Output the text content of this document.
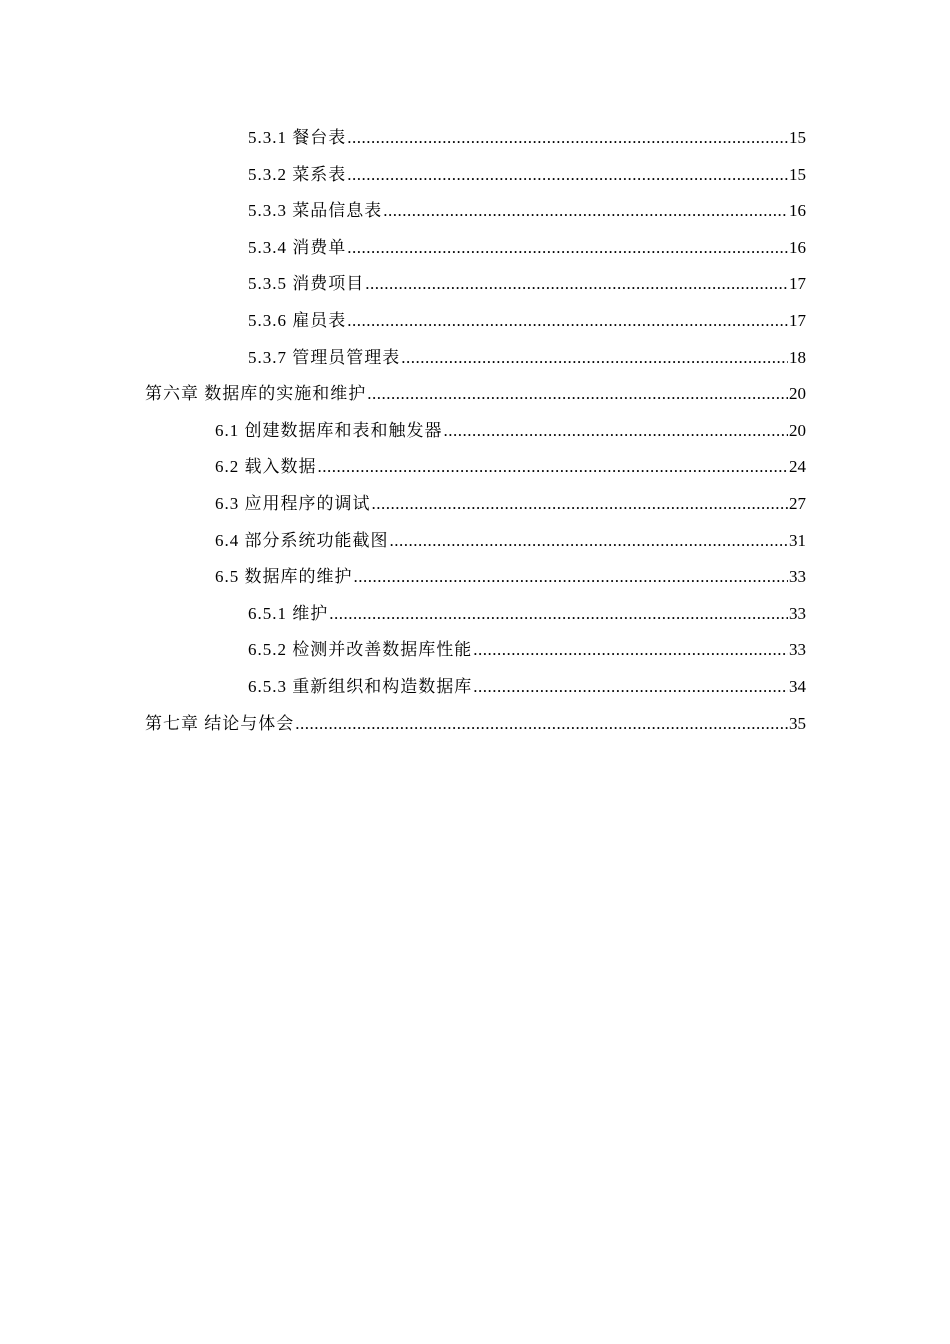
5.3.1 餐台表 .....	15
5.3.2 菜系表 .....	15
5.3.3 菜品信息表 .....	16
5.3.4 消费单 .....	16
5.3.5 消费项目 .....	17
5.3.6 雇员表 .....	17
5.3.7 管理员管理表 .....	18
第六章 数据库的实施和维护 .....	20
6.1 创建数据库和表和触发器 .....	20
6.2 载入数据 .....	24
6.3 应用程序的调试 .....	27
6.4 部分系统功能截图 .....	31
6.5 数据库的维护 .....	33
6.5.1 维护 .....	33
6.5.2 检测并改善数据库性能 .....	33
6.5.3 重新组织和构造数据库 .....	34
第七章 结论与体会 .....	35
